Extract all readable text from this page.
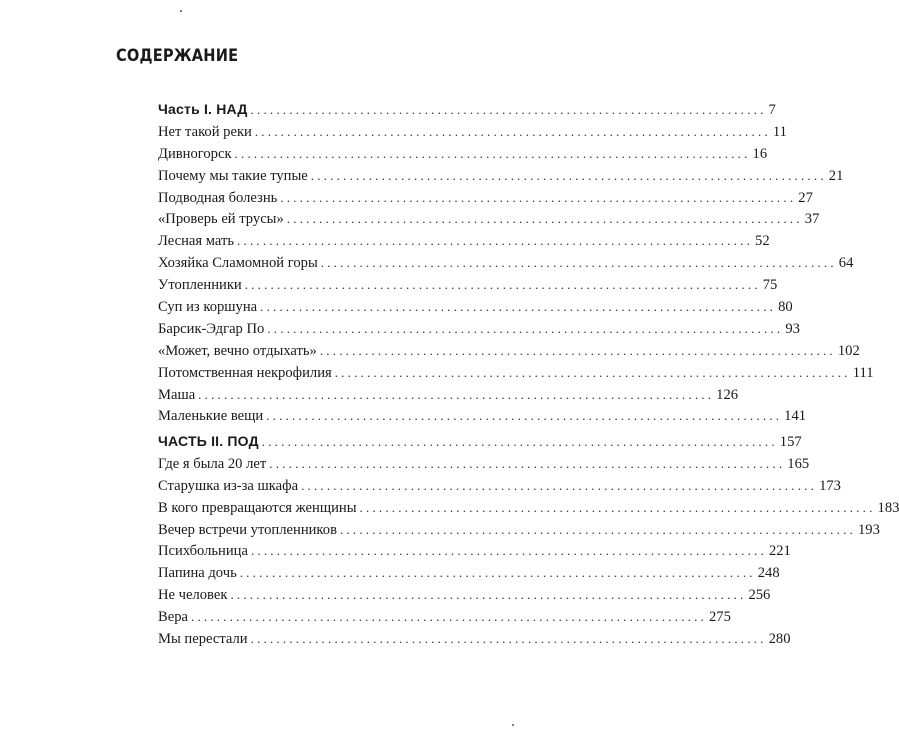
СОДЕРЖАНИЕ
Часть I. НАД ................................................................................ 7
Нет такой реки ................................................................................ 11
Дивногорск ................................................................................ 16
Почему мы такие тупые ................................................................................ 21
Подводная болезнь ................................................................................ 27
«Проверь ей трусы» ................................................................................ 37
Лесная мать ................................................................................ 52
Хозяйка Сламомной горы ................................................................................ 64
Утопленники ................................................................................ 75
Суп из коршуна ................................................................................ 80
Барсик-Эдгар По ................................................................................ 93
«Может, вечно отдыхать» ................................................................................ 102
Потомственная некрофилия ................................................................................ 111
Маша ................................................................................ 126
Маленькие вещи ................................................................................ 141
ЧАСТЬ II. ПОД ................................................................................ 157
Где я была 20 лет ................................................................................ 165
Старушка из-за шкафа ................................................................................ 173
В кого превращаются женщины ................................................................................ 183
Вечер встречи утопленников ................................................................................ 193
Психбольница ................................................................................ 221
Папина дочь ................................................................................ 248
Не человек ................................................................................ 256
Вера ................................................................................ 275
Мы перестали ................................................................................ 280
